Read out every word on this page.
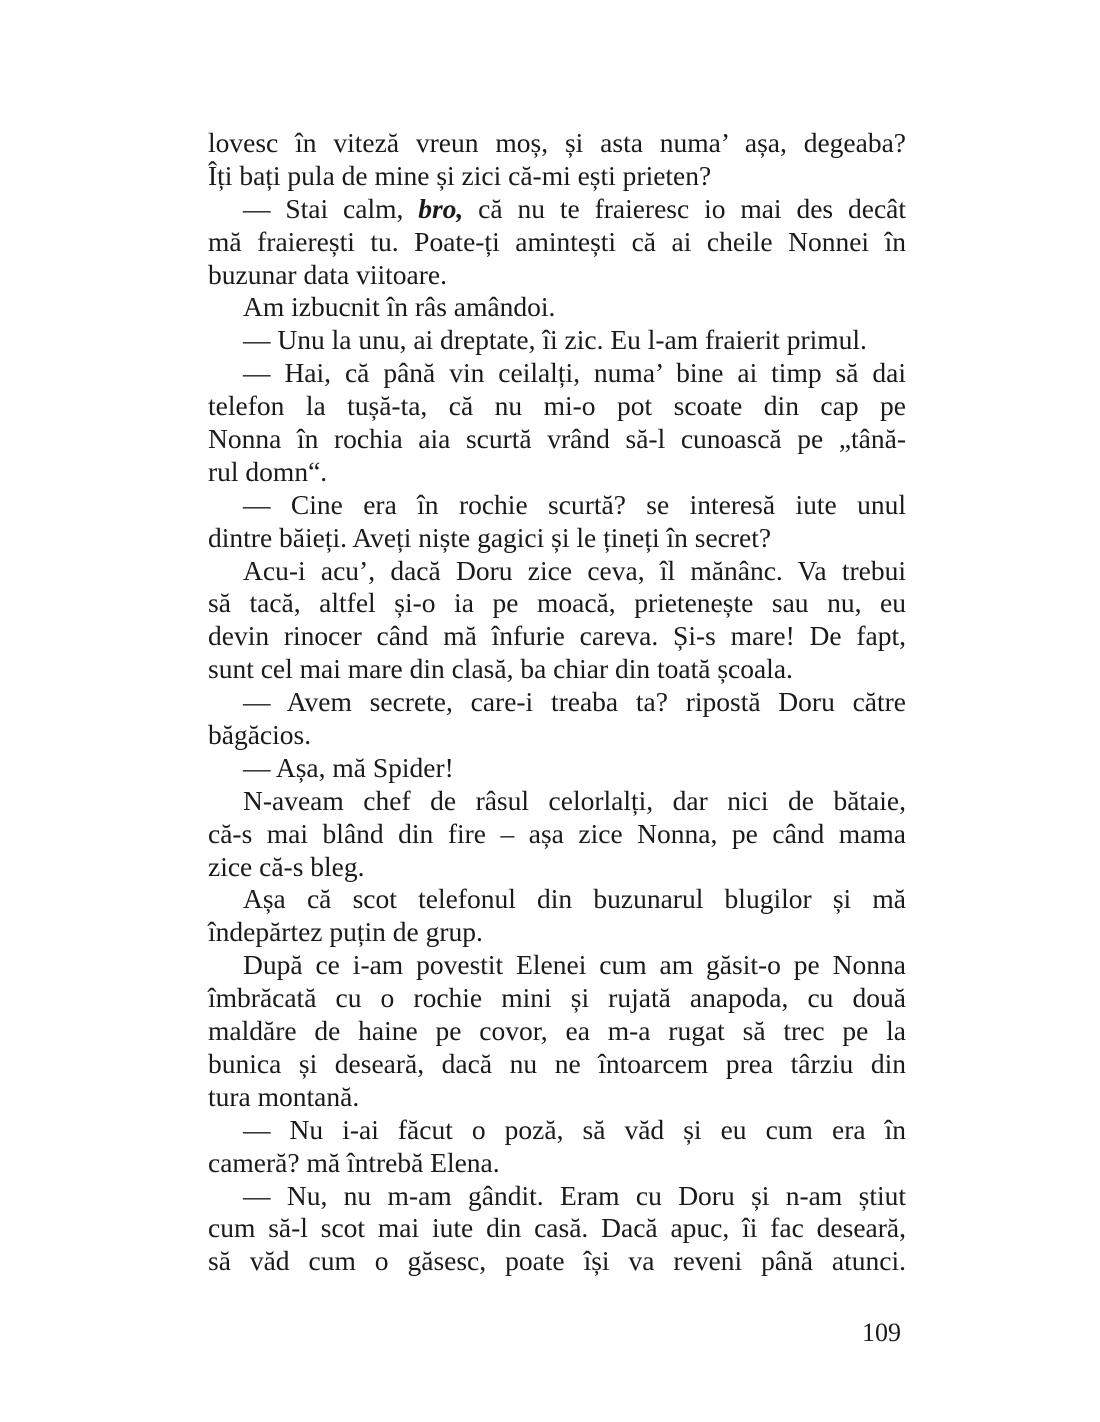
lovesc în viteză vreun moș, și asta numa’ așa, degeaba?
Îți bați pula de mine și zici că-mi ești prieten?
— Stai calm, bro, că nu te fraieresc io mai des decât
mă fraierești tu. Poate-ți amintești că ai cheile Nonnei în
buzunar data viitoare.
Am izbucnit în râs amândoi.
— Unu la unu, ai dreptate, îi zic. Eu l-am fraierit primul.
— Hai, că până vin ceilalți, numa’ bine ai timp să dai
telefon la tușă-ta, că nu mi-o pot scoate din cap pe
Nonna în rochia aia scurtă vrând să-l cunoască pe „tână-
rul domn“.
— Cine era în rochie scurtă? se interesă iute unul
dintre băieți. Aveți niște gagici și le țineți în secret?
Acu-i acu’, dacă Doru zice ceva, îl mănânc. Va trebui
să tacă, altfel și-o ia pe moacă, prietenește sau nu, eu
devin rinocer când mă înfurie careva. Și-s mare! De fapt,
sunt cel mai mare din clasă, ba chiar din toată școala.
— Avem secrete, care-i treaba ta? ripostă Doru către
băgăcios.
— Așa, mă Spider!
N-aveam chef de râsul celorlalți, dar nici de bătaie,
că-s mai blând din fire – așa zice Nonna, pe când mama
zice că-s bleg.
Așa că scot telefonul din buzunarul blugilor și mă
îndepărtez puțin de grup.
După ce i-am povestit Elenei cum am găsit-o pe Nonna
îmbrăcată cu o rochie mini și rujată anapoda, cu două
maldăre de haine pe covor, ea m-a rugat să trec pe la
bunica și deseară, dacă nu ne întoarcem prea târziu din
tura montană.
— Nu i-ai făcut o poză, să văd și eu cum era în
cameră? mă întrebă Elena.
— Nu, nu m-am gândit. Eram cu Doru și n-am știut
cum să-l scot mai iute din casă. Dacă apuc, îi fac deseară,
să văd cum o găsesc, poate își va reveni până atunci.
109
